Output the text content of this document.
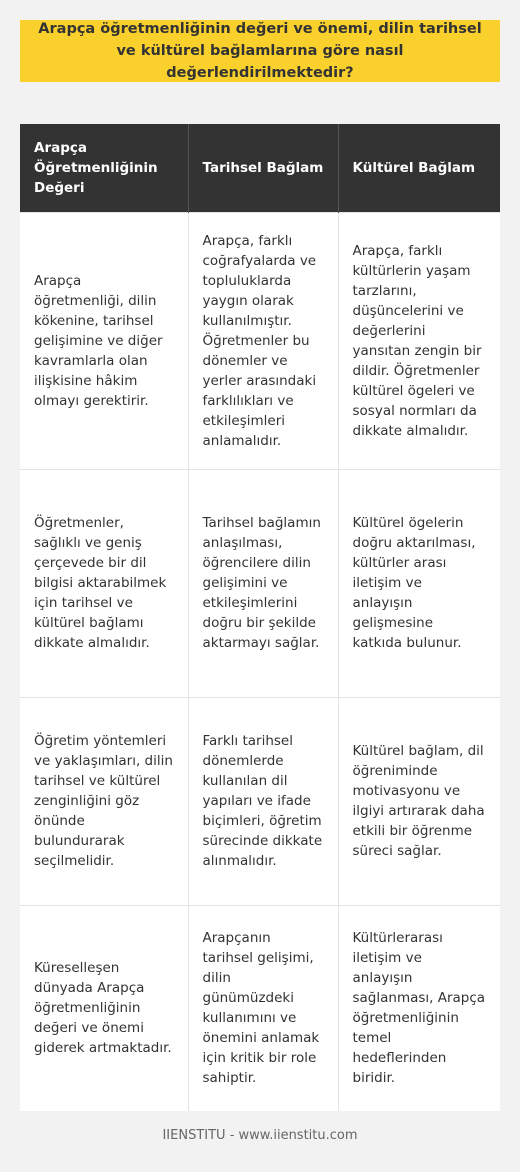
Arapça öğretmenliğinin değeri ve önemi, dilin tarihsel ve kültürel bağlamlarına göre nasıl değerlendirilmektedir?
Arapça Öğretmenliğinin Değeri	Tarihsel Bağlam	Kültürel Bağlam
Arapça öğretmenliği, dilin kökenine, tarihsel gelişimine ve diğer kavramlarla olan ilişkisine hâkim olmayı gerektirir.	Arapça, farklı coğrafyalarda ve topluluklarda yaygın olarak kullanılmıştır. Öğretmenler bu dönemler ve yerler arasındaki farklılıkları ve etkileşimleri anlamalıdır.	Arapça, farklı kültürlerin yaşam tarzlarını, düşüncelerini ve değerlerini yansıtan zengin bir dildir. Öğretmenler kültürel ögeleri ve sosyal normları da dikkate almalıdır.
Öğretmenler, sağlıklı ve geniş çerçevede bir dil bilgisi aktarabilmek için tarihsel ve kültürel bağlamı dikkate almalıdır.	Tarihsel bağlamın anlaşılması, öğrencilere dilin gelişimini ve etkileşimlerini doğru bir şekilde aktarmayı sağlar.	Kültürel ögelerin doğru aktarılması, kültürler arası iletişim ve anlayışın gelişmesine katkıda bulunur.
Öğretim yöntemleri ve yaklaşımları, dilin tarihsel ve kültürel zenginliğini göz önünde bulundurarak seçilmelidir.	Farklı tarihsel dönemlerde kullanılan dil yapıları ve ifade biçimleri, öğretim sürecinde dikkate alınmalıdır.	Kültürel bağlam, dil öğreniminde motivasyonu ve ilgiyi artırarak daha etkili bir öğrenme süreci sağlar.
Küreselleşen dünyada Arapça öğretmenliğinin değeri ve önemi giderek artmaktadır.	Arapçanın tarihsel gelişimi, dilin günümüzdeki kullanımını ve önemini anlamak için kritik bir role sahiptir.	Kültürlerarası iletişim ve anlayışın sağlanması, Arapça öğretmenliğinin temel hedeflerinden biridir.
IIENSTITU - www.iienstitu.com
